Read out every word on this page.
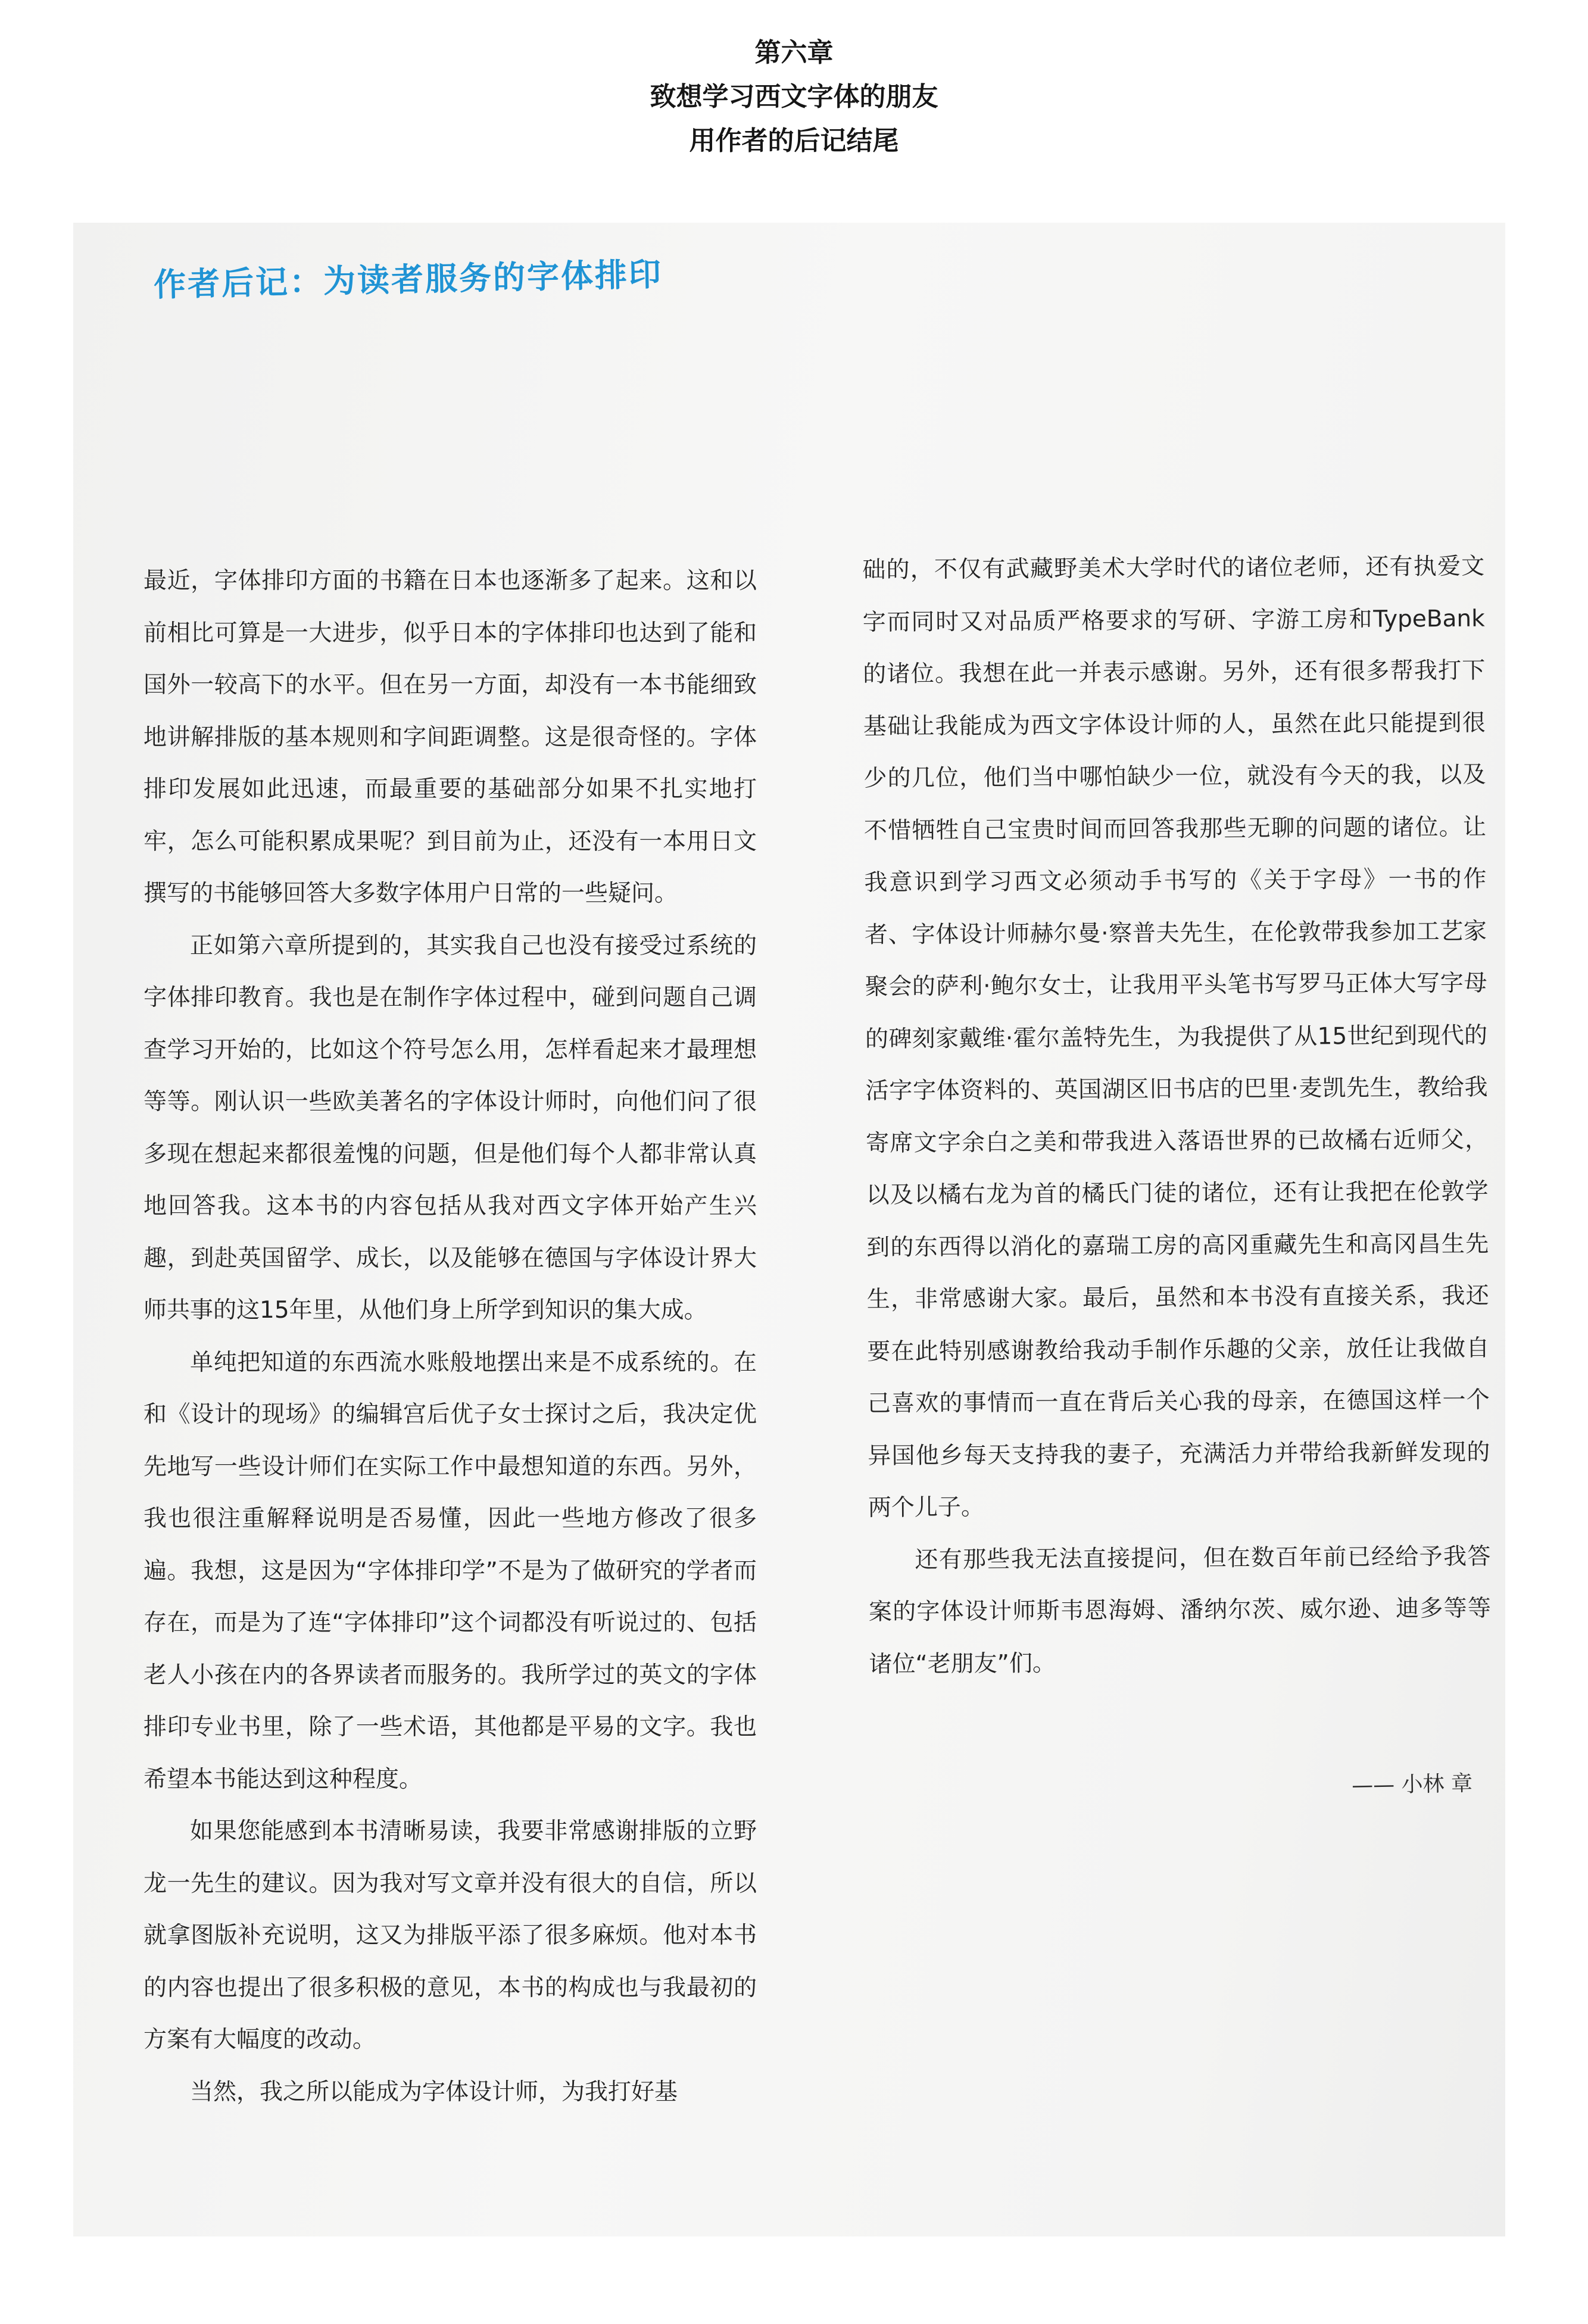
第六章
致想学习西文字体的朋友
用作者的后记结尾
作者后记：为读者服务的字体排印

最近，字体排印方面的书籍在日本也逐渐多了起来。这和以前相比可算是一大进步，似乎日本的字体排印也达到了能和国外一较高下的水平。但在另一方面，却没有一本书能细致地讲解排版的基本规则和字间距调整。这是很奇怪的。字体排印发展如此迅速，而最重要的基础部分如果不扎实地打牢，怎么可能积累成果呢？到目前为止，还没有一本用日文撰写的书能够回答大多数字体用户日常的一些疑问。

正如第六章所提到的，其实我自己也没有接受过系统的字体排印教育。我也是在制作字体过程中，碰到问题自己调查学习开始的，比如这个符号怎么用，怎样看起来才最理想等等。刚认识一些欧美著名的字体设计师时，向他们问了很多现在想起来都很羞愧的问题，但是他们每个人都非常认真地回答我。这本书的内容包括从我对西文字体开始产生兴趣，到赴英国留学、成长，以及能够在德国与字体设计界大师共事的这15年里，从他们身上所学到知识的集大成。

单纯把知道的东西流水账般地摆出来是不成系统的。在和《设计的现场》的编辑宫后优子女士探讨之后，我决定优先地写一些设计师们在实际工作中最想知道的东西。另外，我也很注重解释说明是否易懂，因此一些地方修改了很多遍。我想，这是因为“字体排印学”不是为了做研究的学者而存在，而是为了连“字体排印”这个词都没有听说过的、包括老人小孩在内的各界读者而服务的。我所学过的英文的字体排印专业书里，除了一些术语，其他都是平易的文字。我也希望本书能达到这种程度。

如果您能感到本书清晰易读，我要非常感谢排版的立野龙一先生的建议。因为我对写文章并没有很大的自信，所以就拿图版补充说明，这又为排版平添了很多麻烦。他对本书的内容也提出了很多积极的意见，本书的构成也与我最初的方案有大幅度的改动。

当然，我之所以能成为字体设计师，为我打好基

础的，不仅有武藏野美术大学时代的诸位老师，还有执爱文字而同时又对品质严格要求的写研、字游工房和TypeBank的诸位。我想在此一并表示感谢。另外，还有很多帮我打下基础让我能成为西文字体设计师的人，虽然在此只能提到很少的几位，他们当中哪怕缺少一位，就没有今天的我，以及不惜牺牲自己宝贵时间而回答我那些无聊的问题的诸位。让我意识到学习西文必须动手书写的《关于字母》一书的作者、字体设计师赫尔曼·察普夫先生，在伦敦带我参加工艺家聚会的萨利·鲍尔女士，让我用平头笔书写罗马正体大写字母的碑刻家戴维·霍尔盖特先生，为我提供了从15世纪到现代的活字字体资料的、英国湖区旧书店的巴里·麦凯先生，教给我寄席文字余白之美和带我进入落语世界的已故橘右近师父，以及以橘右龙为首的橘氏门徒的诸位，还有让我把在伦敦学到的东西得以消化的嘉瑞工房的高冈重藏先生和高冈昌生先生，非常感谢大家。最后，虽然和本书没有直接关系，我还要在此特别感谢教给我动手制作乐趣的父亲，放任让我做自己喜欢的事情而一直在背后关心我的母亲，在德国这样一个异国他乡每天支持我的妻子，充满活力并带给我新鲜发现的两个儿子。

还有那些我无法直接提问，但在数百年前已经给予我答案的字体设计师斯韦恩海姆、潘纳尔茨、威尔逊、迪多等等诸位“老朋友”们。

—— 小林 章
